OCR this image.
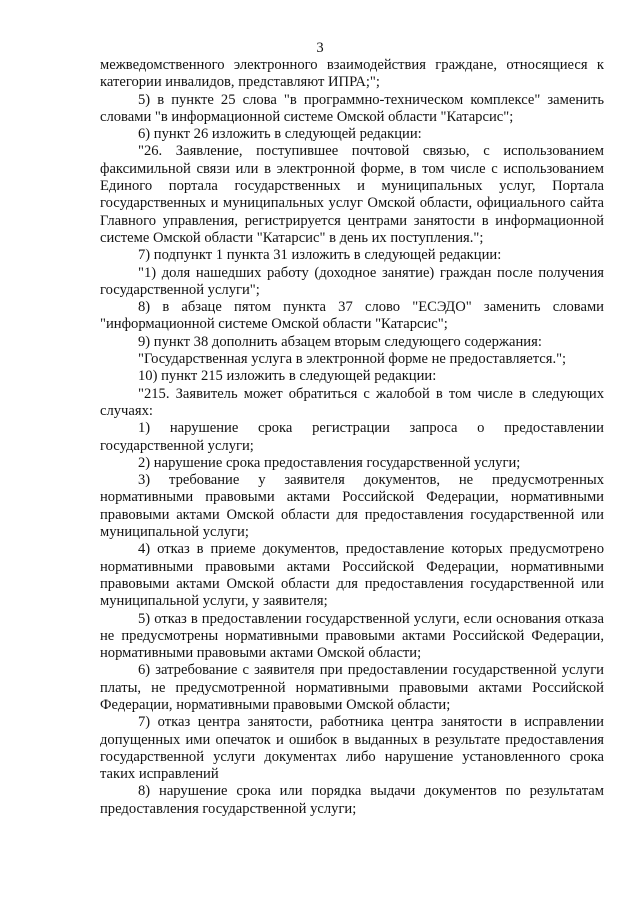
3

межведомственного электронного взаимодействия граждане, относящиеся к категории инвалидов, представляют ИПРА;";

5) в пункте 25 слова "в программно-техническом комплексе" заменить словами "в информационной системе Омской области "Катарсис";

6) пункт 26 изложить в следующей редакции:

"26. Заявление, поступившее почтовой связью, с использованием факсимильной связи или в электронной форме, в том числе с использованием Единого портала государственных и муниципальных услуг, Портала государственных и муниципальных услуг Омской области, официального сайта Главного управления, регистрируется центрами занятости в информационной системе Омской области "Катарсис" в день их поступления.";

7) подпункт 1 пункта 31 изложить в следующей редакции:

"1) доля нашедших работу (доходное занятие) граждан после получения государственной услуги";

8) в абзаце пятом пункта 37 слово "ЕСЭДО" заменить словами "информационной системе Омской области "Катарсис";

9) пункт 38 дополнить абзацем вторым следующего содержания:

"Государственная услуга в электронной форме не предоставляется.";

10) пункт 215 изложить в следующей редакции:

"215. Заявитель может обратиться с жалобой в том числе в следующих случаях:

1) нарушение срока регистрации запроса о предоставлении государственной услуги;

2) нарушение срока предоставления государственной услуги;

3) требование у заявителя документов, не предусмотренных нормативными правовыми актами Российской Федерации, нормативными правовыми актами Омской области для предоставления государственной или муниципальной услуги;

4) отказ в приеме документов, предоставление которых предусмотрено нормативными правовыми актами Российской Федерации, нормативными правовыми актами Омской области для предоставления государственной или муниципальной услуги, у заявителя;

5) отказ в предоставлении государственной услуги, если основания отказа не предусмотрены нормативными правовыми актами Российской Федерации, нормативными правовыми актами Омской области;

6) затребование с заявителя при предоставлении государственной услуги платы, не предусмотренной нормативными правовыми актами Российской Федерации, нормативными правовыми Омской области;

7) отказ центра занятости, работника центра занятости в исправлении допущенных ими опечаток и ошибок в выданных в результате предоставления государственной услуги документах либо нарушение установленного срока таких исправлений

8) нарушение срока или порядка выдачи документов по результатам предоставления государственной услуги;
